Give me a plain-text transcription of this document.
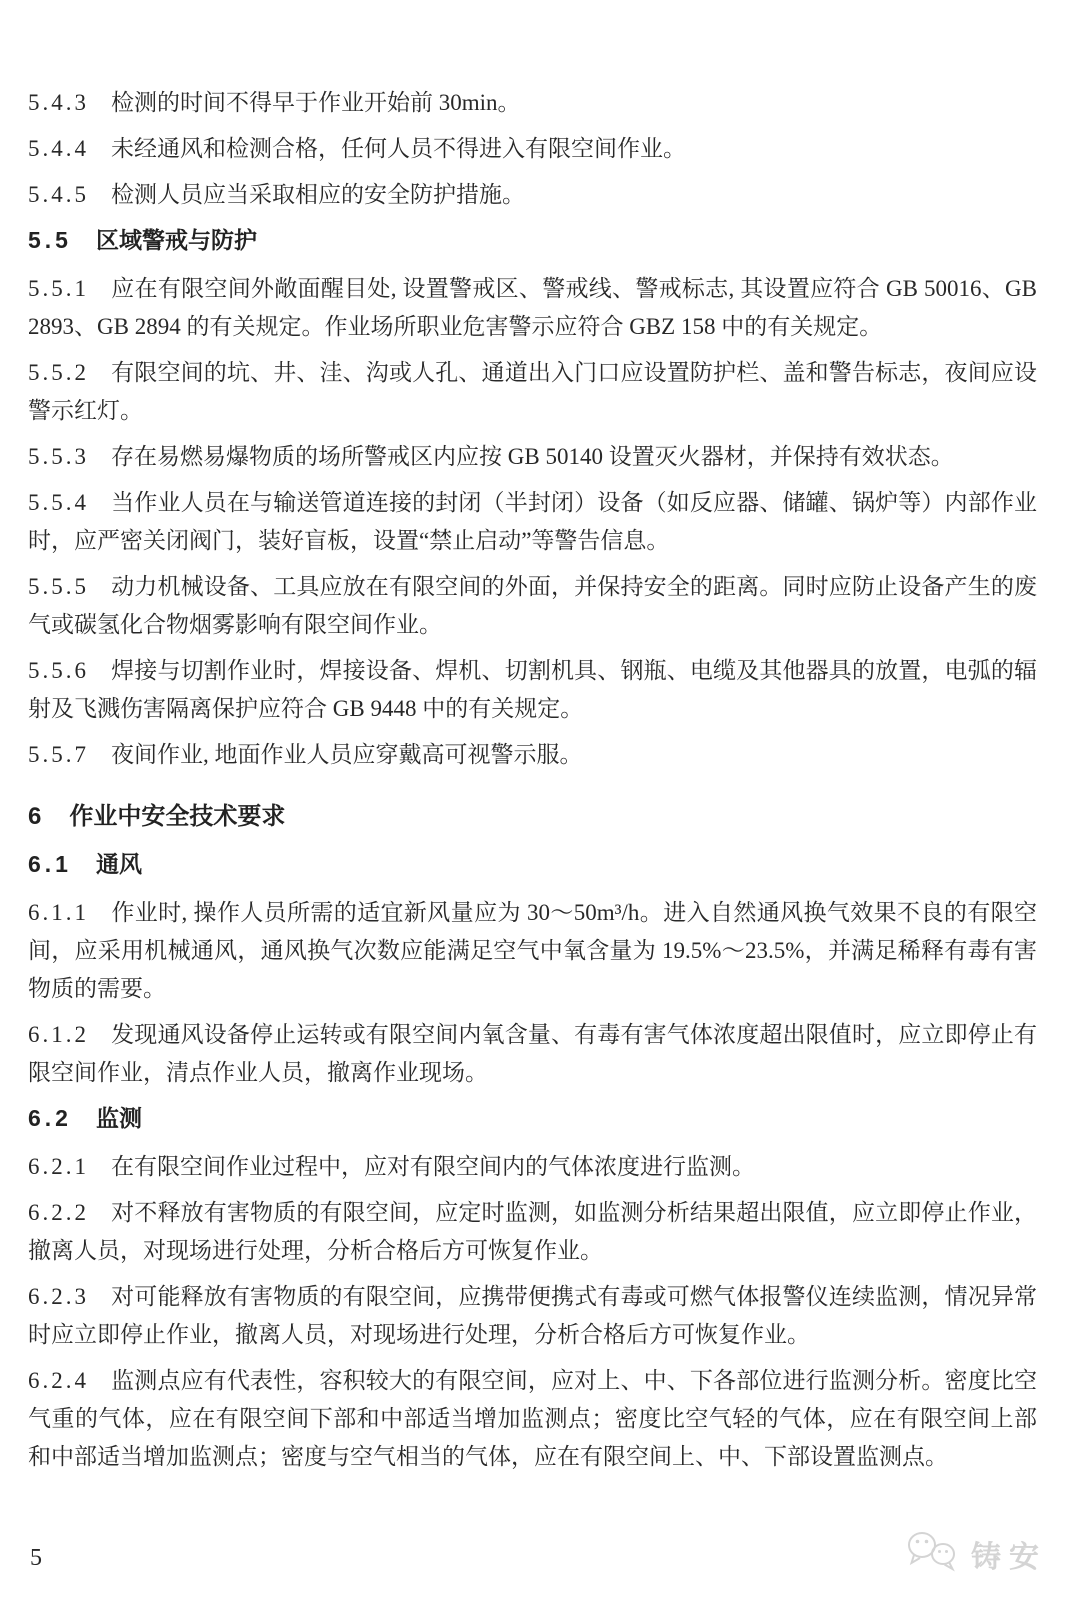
5.4.3 检测的时间不得早于作业开始前 30min。

5.4.4 未经通风和检测合格，任何人员不得进入有限空间作业。

5.4.5 检测人员应当采取相应的安全防护措施。

5.5 区域警戒与防护

5.5.1 应在有限空间外敞面醒目处, 设置警戒区、警戒线、警戒标志, 其设置应符合 GB 50016、GB 2893、GB 2894 的有关规定。作业场所职业危害警示应符合 GBZ 158 中的有关规定。

5.5.2 有限空间的坑、井、洼、沟或人孔、通道出入门口应设置防护栏、盖和警告标志，夜间应设警示红灯。

5.5.3 存在易燃易爆物质的场所警戒区内应按 GB 50140 设置灭火器材，并保持有效状态。

5.5.4 当作业人员在与输送管道连接的封闭（半封闭）设备（如反应器、储罐、锅炉等）内部作业时，应严密关闭阀门，装好盲板，设置“禁止启动”等警告信息。

5.5.5 动力机械设备、工具应放在有限空间的外面，并保持安全的距离。同时应防止设备产生的废气或碳氢化合物烟雾影响有限空间作业。

5.5.6 焊接与切割作业时，焊接设备、焊机、切割机具、钢瓶、电缆及其他器具的放置，电弧的辐射及飞溅伤害隔离保护应符合 GB 9448 中的有关规定。

5.5.7 夜间作业, 地面作业人员应穿戴高可视警示服。

6 作业中安全技术要求
6.1 通风

6.1.1 作业时, 操作人员所需的适宜新风量应为 30～50m³/h。进入自然通风换气效果不良的有限空间，应采用机械通风，通风换气次数应能满足空气中氧含量为 19.5%～23.5%，并满足稀释有毒有害物质的需要。

6.1.2 发现通风设备停止运转或有限空间内氧含量、有毒有害气体浓度超出限值时，应立即停止有限空间作业，清点作业人员，撤离作业现场。

6.2 监测

6.2.1 在有限空间作业过程中，应对有限空间内的气体浓度进行监测。

6.2.2 对不释放有害物质的有限空间，应定时监测，如监测分析结果超出限值，应立即停止作业，撤离人员，对现场进行处理，分析合格后方可恢复作业。

6.2.3 对可能释放有害物质的有限空间，应携带便携式有毒或可燃气体报警仪连续监测，情况异常时应立即停止作业，撤离人员，对现场进行处理，分析合格后方可恢复作业。

6.2.4 监测点应有代表性，容积较大的有限空间，应对上、中、下各部位进行监测分析。密度比空气重的气体，应在有限空间下部和中部适当增加监测点；密度比空气轻的气体，应在有限空间上部和中部适当增加监测点；密度与空气相当的气体，应在有限空间上、中、下部设置监测点。

5	铸安
